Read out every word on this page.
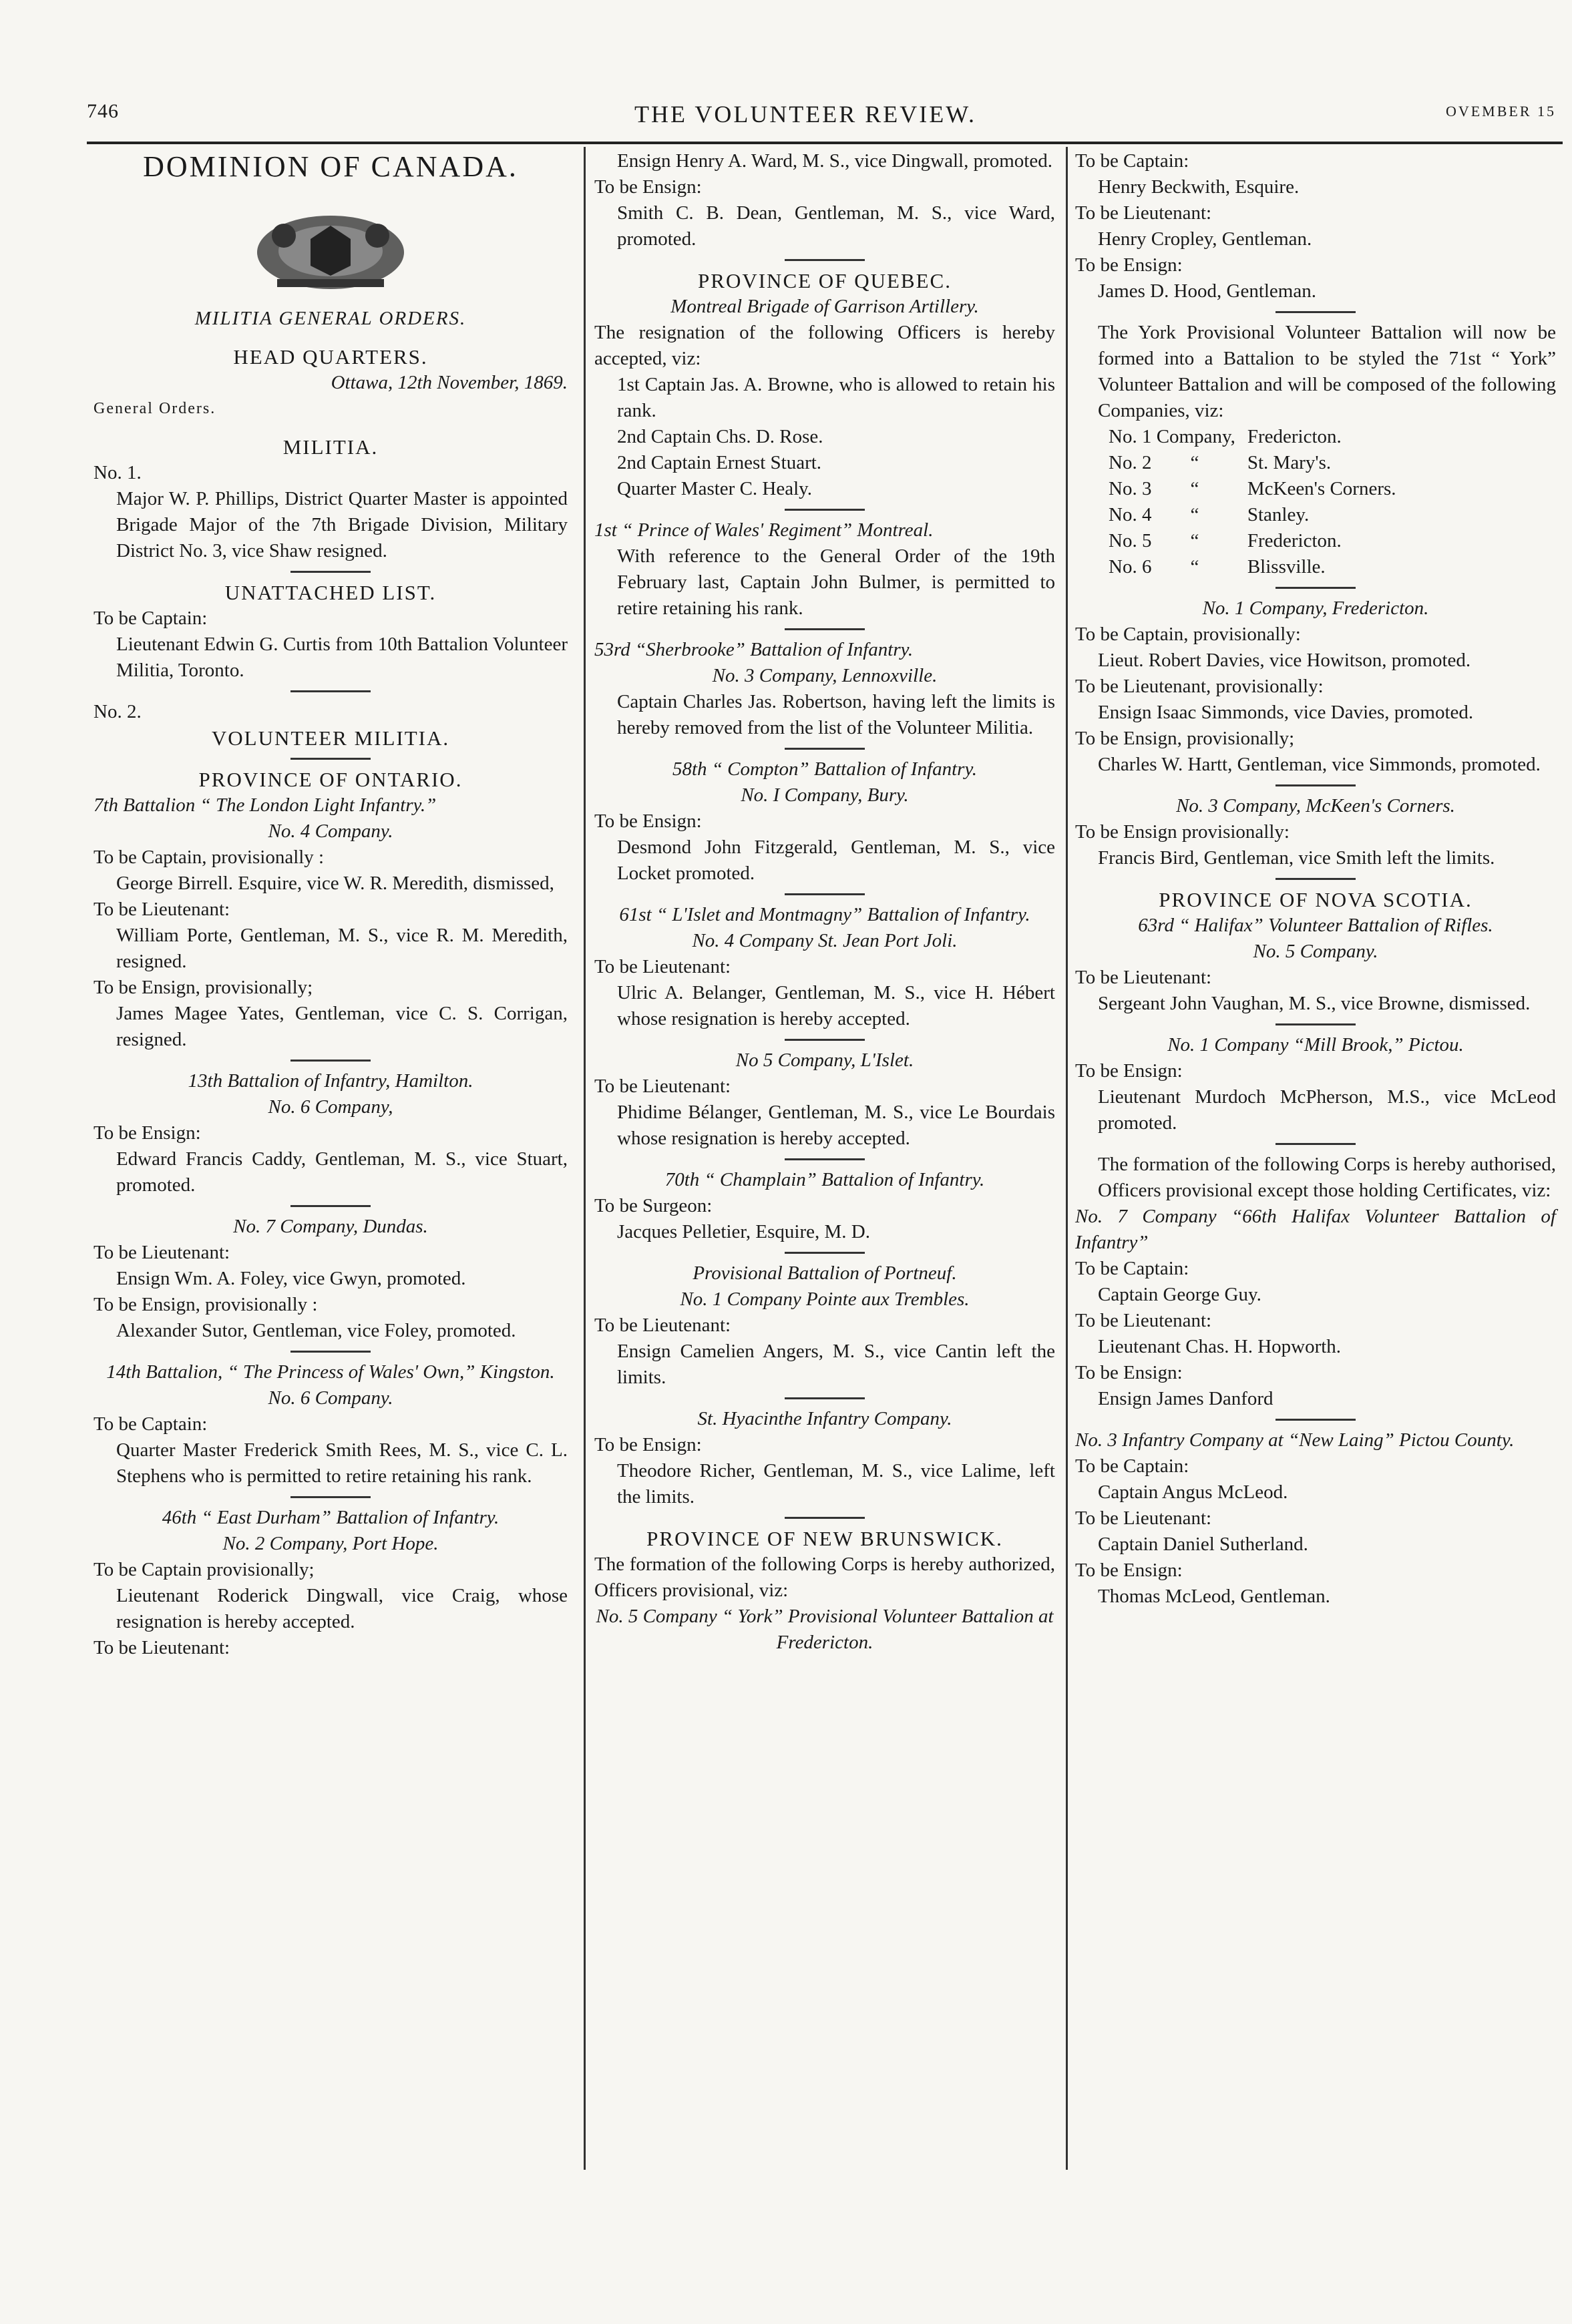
746	THE VOLUNTEER REVIEW.	OVEMBER 15

DOMINION OF CANADA.

MILITIA GENERAL ORDERS.

HEAD QUARTERS.

Ottawa, 12th November, 1869.

General Orders.

MILITIA.

No. 1.

Major W. P. Phillips, District Quarter Master is appointed Brigade Major of the 7th Brigade Division, Military District No. 3, vice Shaw resigned.

UNATTACHED LIST.

To be Captain:

Lieutenant Edwin G. Curtis from 10th Battalion Volunteer Militia, Toronto.

No. 2.

VOLUNTEER MILITIA.

PROVINCE OF ONTARIO.

7th Battalion “ The London Light Infantry.”

No. 4 Company.

To be Captain, provisionally :

George Birrell. Esquire, vice W. R. Meredith, dismissed,

To be Lieutenant:

William Porte, Gentleman, M. S., vice R. M. Meredith, resigned.

To be Ensign, provisionally;

James Magee Yates, Gentleman, vice C. S. Corrigan, resigned.

13th Battalion of Infantry, Hamilton.

No. 6 Company,

To be Ensign:

Edward Francis Caddy, Gentleman, M. S., vice Stuart, promoted.

No. 7 Company, Dundas.

To be Lieutenant:

Ensign Wm. A. Foley, vice Gwyn, promoted.

To be Ensign, provisionally :

Alexander Sutor, Gentleman, vice Foley, promoted.

14th Battalion, “ The Princess of Wales' Own,” Kingston.

No. 6 Company.

To be Captain:

Quarter Master Frederick Smith Rees, M. S., vice C. L. Stephens who is permitted to retire retaining his rank.

46th “ East Durham” Battalion of Infantry.

No. 2 Company, Port Hope.

To be Captain provisionally;

Lieutenant Roderick Dingwall, vice Craig, whose resignation is hereby accepted.

To be Lieutenant:

Ensign Henry A. Ward, M. S., vice Dingwall, promoted.

To be Ensign:

Smith C. B. Dean, Gentleman, M. S., vice Ward, promoted.

PROVINCE OF QUEBEC.

Montreal Brigade of Garrison Artillery.

The resignation of the following Officers is hereby accepted, viz:

1st Captain Jas. A. Browne, who is allowed to retain his rank.

2nd Captain Chs. D. Rose.

2nd Captain Ernest Stuart.

Quarter Master C. Healy.

1st “ Prince of Wales' Regiment” Montreal.

With reference to the General Order of the 19th February last, Captain John Bulmer, is permitted to retire retaining his rank.

53rd “Sherbrooke” Battalion of Infantry.

No. 3 Company, Lennoxville.

Captain Charles Jas. Robertson, having left the limits is hereby removed from the list of the Volunteer Militia.

58th “ Compton” Battalion of Infantry.

No. I Company, Bury.

To be Ensign:

Desmond John Fitzgerald, Gentleman, M. S., vice Locket promoted.

61st “ L'Islet and Montmagny” Battalion of Infantry.

No. 4 Company St. Jean Port Joli.

To be Lieutenant:

Ulric A. Belanger, Gentleman, M. S., vice H. Hébert whose resignation is hereby accepted.

No 5 Company, L'Islet.

To be Lieutenant:

Phidime Bélanger, Gentleman, M. S., vice Le Bourdais whose resignation is hereby accepted.

70th “ Champlain” Battalion of Infantry.

To be Surgeon:

Jacques Pelletier, Esquire, M. D.

Provisional Battalion of Portneuf.

No. 1 Company Pointe aux Trembles.

To be Lieutenant:

Ensign Camelien Angers, M. S., vice Cantin left the limits.

St. Hyacinthe Infantry Company.

To be Ensign:

Theodore Richer, Gentleman, M. S., vice Lalime, left the limits.

PROVINCE OF NEW BRUNSWICK.

The formation of the following Corps is hereby authorized, Officers provisional, viz:

No. 5 Company “ York” Provisional Volunteer Battalion at Fredericton.

To be Captain:

Henry Beckwith, Esquire.

To be Lieutenant:

Henry Cropley, Gentleman.

To be Ensign:

James D. Hood, Gentleman.

The York Provisional Volunteer Battalion will now be formed into a Battalion to be styled the 71st “ York” Volunteer Battalion and will be composed of the following Companies, viz:

No. 1 Company,	Fredericton.
No. 2 “	St. Mary's.
No. 3 “	McKeen's Corners.
No. 4 “	Stanley.
No. 5 “	Fredericton.
No. 6 “	Blissville.

No. 1 Company, Fredericton.

To be Captain, provisionally:

Lieut. Robert Davies, vice Howitson, promoted.

To be Lieutenant, provisionally:

Ensign Isaac Simmonds, vice Davies, promoted.

To be Ensign, provisionally;

Charles W. Hartt, Gentleman, vice Simmonds, promoted.

No. 3 Company, McKeen's Corners.

To be Ensign provisionally:

Francis Bird, Gentleman, vice Smith left the limits.

PROVINCE OF NOVA SCOTIA.

63rd “ Halifax” Volunteer Battalion of Rifles.

No. 5 Company.

To be Lieutenant:

Sergeant John Vaughan, M. S., vice Browne, dismissed.

No. 1 Company “Mill Brook,” Pictou.

To be Ensign:

Lieutenant Murdoch McPherson, M.S., vice McLeod promoted.

The formation of the following Corps is hereby authorised, Officers provisional except those holding Certificates, viz:

No. 7 Company “66th Halifax Volunteer Battalion of Infantry”

To be Captain:

Captain George Guy.

To be Lieutenant:

Lieutenant Chas. H. Hopworth.

To be Ensign:

Ensign James Danford

No. 3 Infantry Company at “New Laing” Pictou County.

To be Captain:

Captain Angus McLeod.

To be Lieutenant:

Captain Daniel Sutherland.

To be Ensign:

Thomas McLeod, Gentleman.
